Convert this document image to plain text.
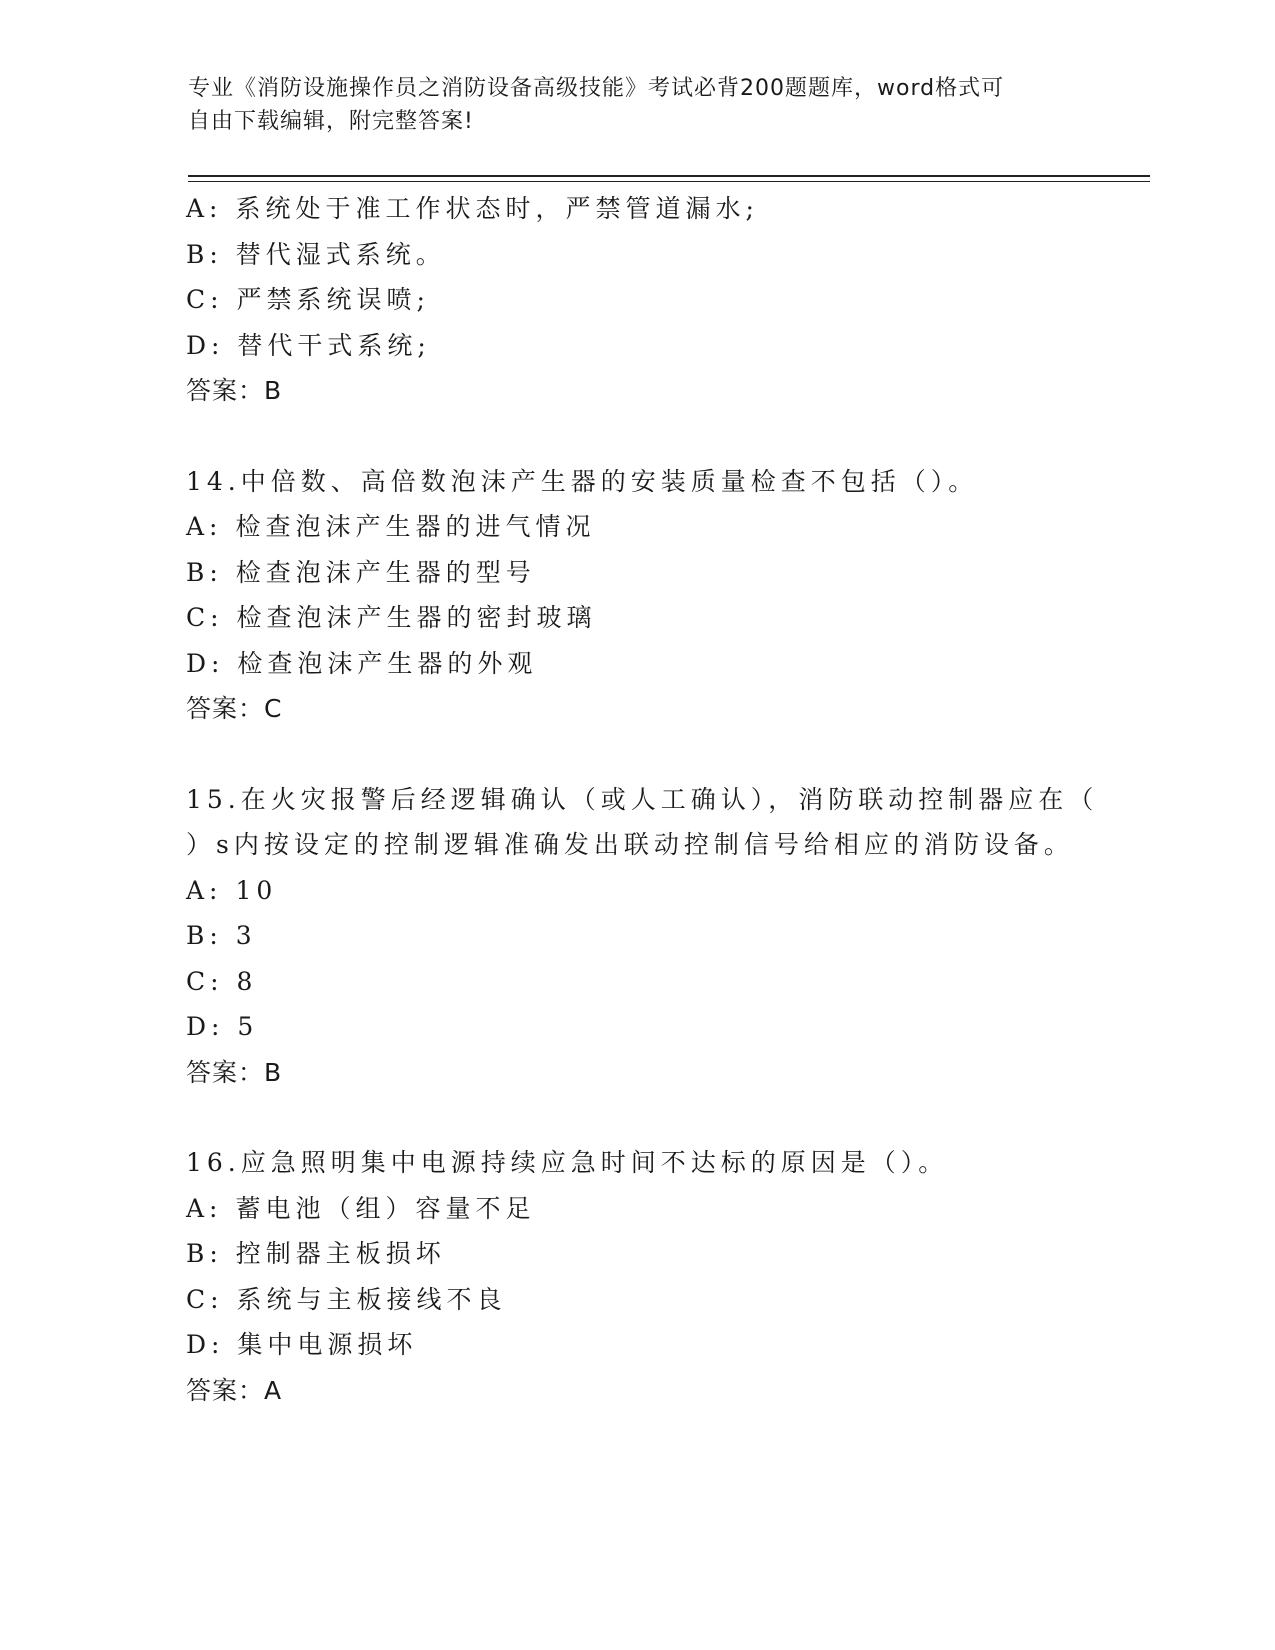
专业《消防设施操作员之消防设备高级技能》考试必背200题题库，word格式可
自由下载编辑，附完整答案!
A: 系统处于准工作状态时，严禁管道漏水;
B: 替代湿式系统。
C: 严禁系统误喷;
D: 替代干式系统;
答案：B
14.中倍数、高倍数泡沫产生器的安装质量检查不包括（）。
A: 检查泡沫产生器的进气情况
B: 检查泡沫产生器的型号
C: 检查泡沫产生器的密封玻璃
D: 检查泡沫产生器的外观
答案：C
15.在火灾报警后经逻辑确认（或人工确认），消防联动控制器应在（
）s内按设定的控制逻辑准确发出联动控制信号给相应的消防设备。
A: 10
B: 3
C: 8
D: 5
答案：B
16.应急照明集中电源持续应急时间不达标的原因是（）。
A: 蓄电池（组）容量不足
B: 控制器主板损坏
C: 系统与主板接线不良
D: 集中电源损坏
答案：A
